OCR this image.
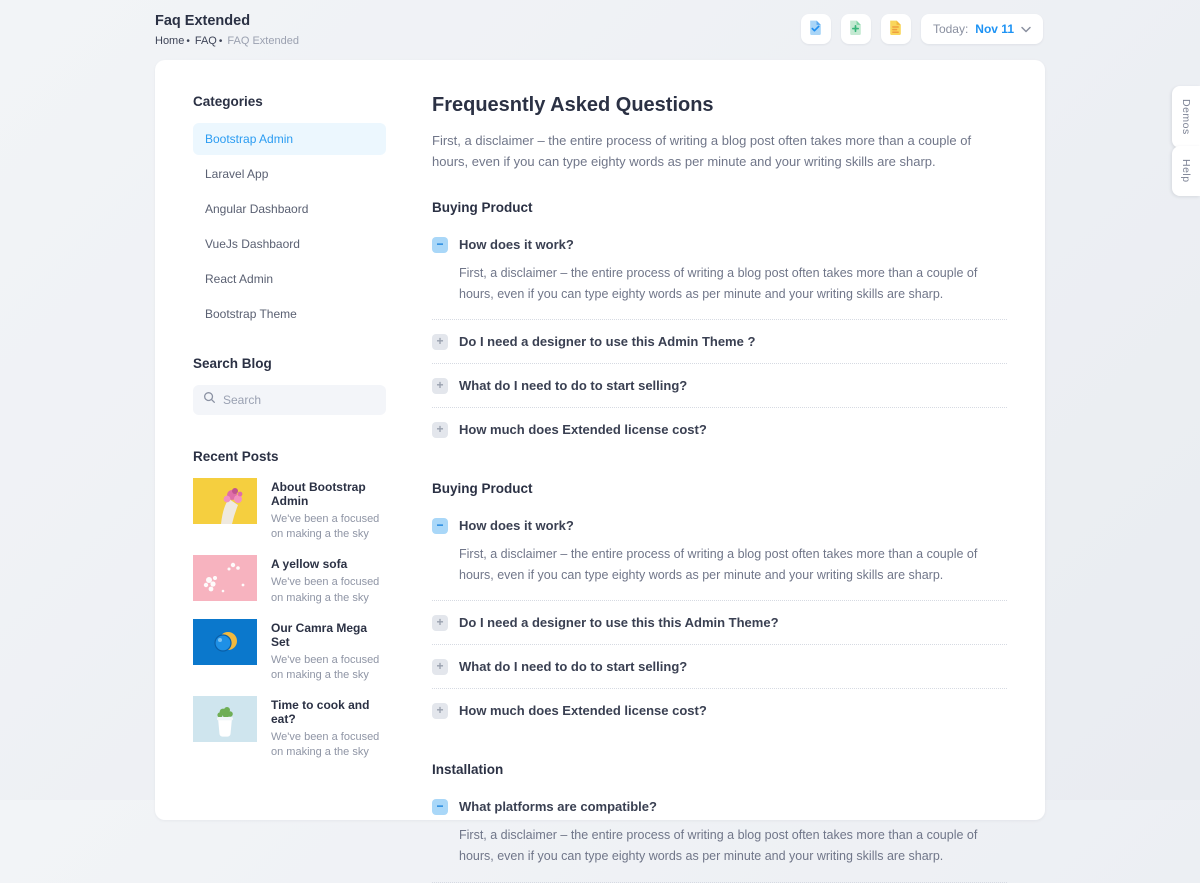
Faq Extended
Home • FAQ • FAQ Extended
Today: Nov 11
Categories
Bootstrap Admin
Laravel App
Angular Dashbaord
VueJs Dashbaord
React Admin
Bootstrap Theme
Search Blog
Search
Recent Posts
About Bootstrap Admin
We've been a focused on making a the sky
A yellow sofa
We've been a focused on making a the sky
Our Camra Mega Set
We've been a focused on making a the sky
Time to cook and eat?
We've been a focused on making a the sky
Frequesntly Asked Questions

First, a disclaimer – the entire process of writing a blog post often takes more than a couple of hours, even if you can type eighty words as per minute and your writing skills are sharp.

Buying Product
−
How does it work?

First, a disclaimer – the entire process of writing a blog post often takes more than a couple of hours, even if you can type eighty words as per minute and your writing skills are sharp.

+
Do I need a designer to use this Admin Theme ?
+
What do I need to do to start selling?
+
How much does Extended license cost?
Buying Product
−
How does it work?

First, a disclaimer – the entire process of writing a blog post often takes more than a couple of hours, even if you can type eighty words as per minute and your writing skills are sharp.

+
Do I need a designer to use this this Admin Theme?
+
What do I need to do to start selling?
+
How much does Extended license cost?
Installation
−
What platforms are compatible?

First, a disclaimer – the entire process of writing a blog post often takes more than a couple of hours, even if you can type eighty words as per minute and your writing skills are sharp.

Demos
Help
